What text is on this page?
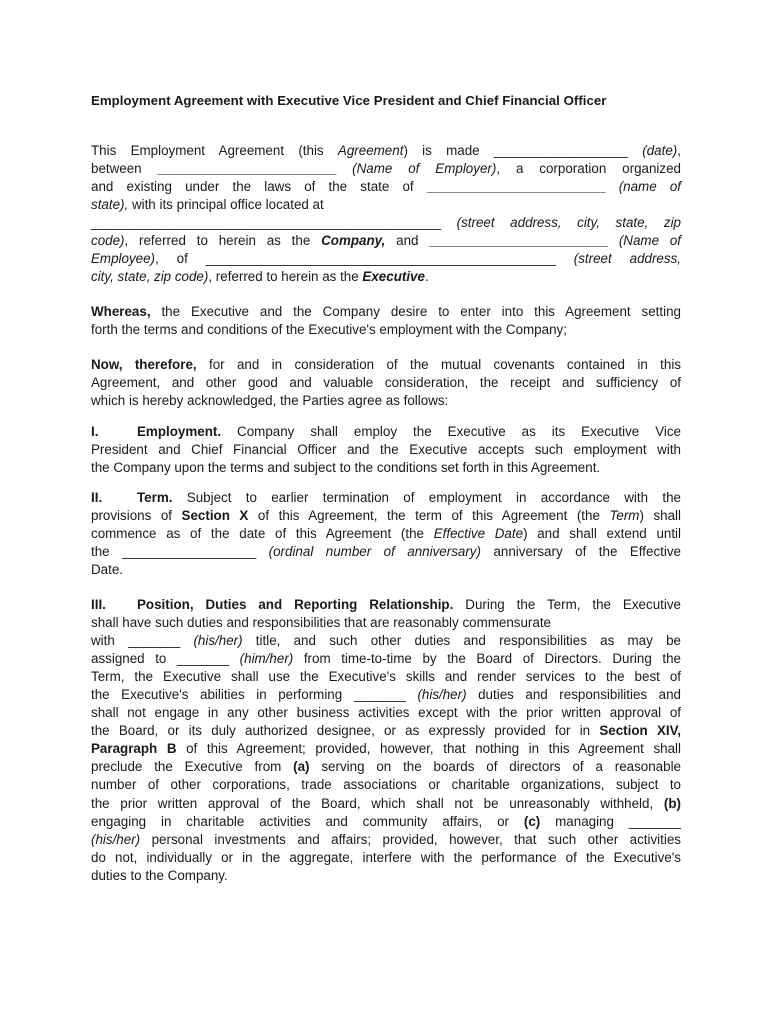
Employment Agreement with Executive Vice President and Chief Financial Officer
This Employment Agreement (this Agreement) is made __________________ (date),
between ________________________ (Name of Employer), a corporation organized
and existing under the laws of the state of ________________________ (name of
state), with its principal office located at
_______________________________________________ (street address, city, state, zip
code), referred to herein as the Company, and ________________________ (Name of
Employee), of _______________________________________________ (street address,
city, state, zip code), referred to herein as the Executive.
Whereas, the Executive and the Company desire to enter into this Agreement setting
forth the terms and conditions of the Executive's employment with the Company;
Now, therefore, for and in consideration of the mutual covenants contained in this
Agreement, and other good and valuable consideration, the receipt and sufficiency of
which is hereby acknowledged, the Parties agree as follows:
I.	Employment. Company shall employ the Executive as its Executive Vice
President and Chief Financial Officer and the Executive accepts such employment with
the Company upon the terms and subject to the conditions set forth in this Agreement.
II.	Term. Subject to earlier termination of employment in accordance with the
provisions of Section X of this Agreement, the term of this Agreement (the Term) shall
commence as of the date of this Agreement (the Effective Date) and shall extend until
the __________________ (ordinal number of anniversary) anniversary of the Effective
Date.
III. Position, Duties and Reporting Relationship. During the Term, the Executive
shall have such duties and responsibilities that are reasonably commensurate
with _______ (his/her) title, and such other duties and responsibilities as may be
assigned to _______ (him/her) from time-to-time by the Board of Directors. During the
Term, the Executive shall use the Executive's skills and render services to the best of
the Executive's abilities in performing _______ (his/her) duties and responsibilities and
shall not engage in any other business activities except with the prior written approval of
the Board, or its duly authorized designee, or as expressly provided for in Section XIV,
Paragraph B of this Agreement; provided, however, that nothing in this Agreement shall
preclude the Executive from (a) serving on the boards of directors of a reasonable
number of other corporations, trade associations or charitable organizations, subject to
the prior written approval of the Board, which shall not be unreasonably withheld, (b)
engaging in charitable activities and community affairs, or (c) managing _______
(his/her) personal investments and affairs; provided, however, that such other activities
do not, individually or in the aggregate, interfere with the performance of the Executive's
duties to the Company.
